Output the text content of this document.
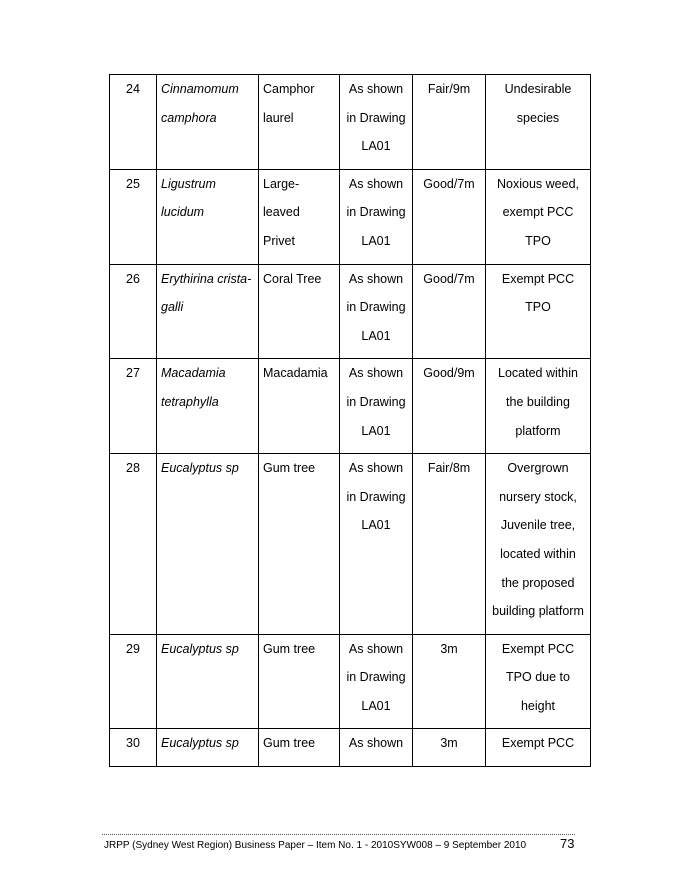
24	Cinnamomum camphora	Camphor laurel	As shown in Drawing LA01	Fair/9m	Undesirable species

25	Ligustrum lucidum	Large- leaved Privet	As shown in Drawing LA01	Good/7m	Noxious weed, exempt PCC TPO

26	Erythirina crista-galli	Coral Tree	As shown in Drawing LA01	Good/7m	Exempt PCC TPO

27	Macadamia tetraphylla	Macadamia	As shown in Drawing LA01	Good/9m	Located within the building platform

28	Eucalyptus sp	Gum tree	As shown in Drawing LA01	Fair/8m	Overgrown nursery stock, Juvenile tree, located within the proposed building platform

29	Eucalyptus sp	Gum tree	As shown in Drawing LA01	3m	Exempt PCC TPO due to height

30	Eucalyptus sp	Gum tree	As shown	3m	Exempt PCC
JRPP (Sydney West Region) Business Paper – Item No. 1 - 2010SYW008 – 9 September 2010	73
